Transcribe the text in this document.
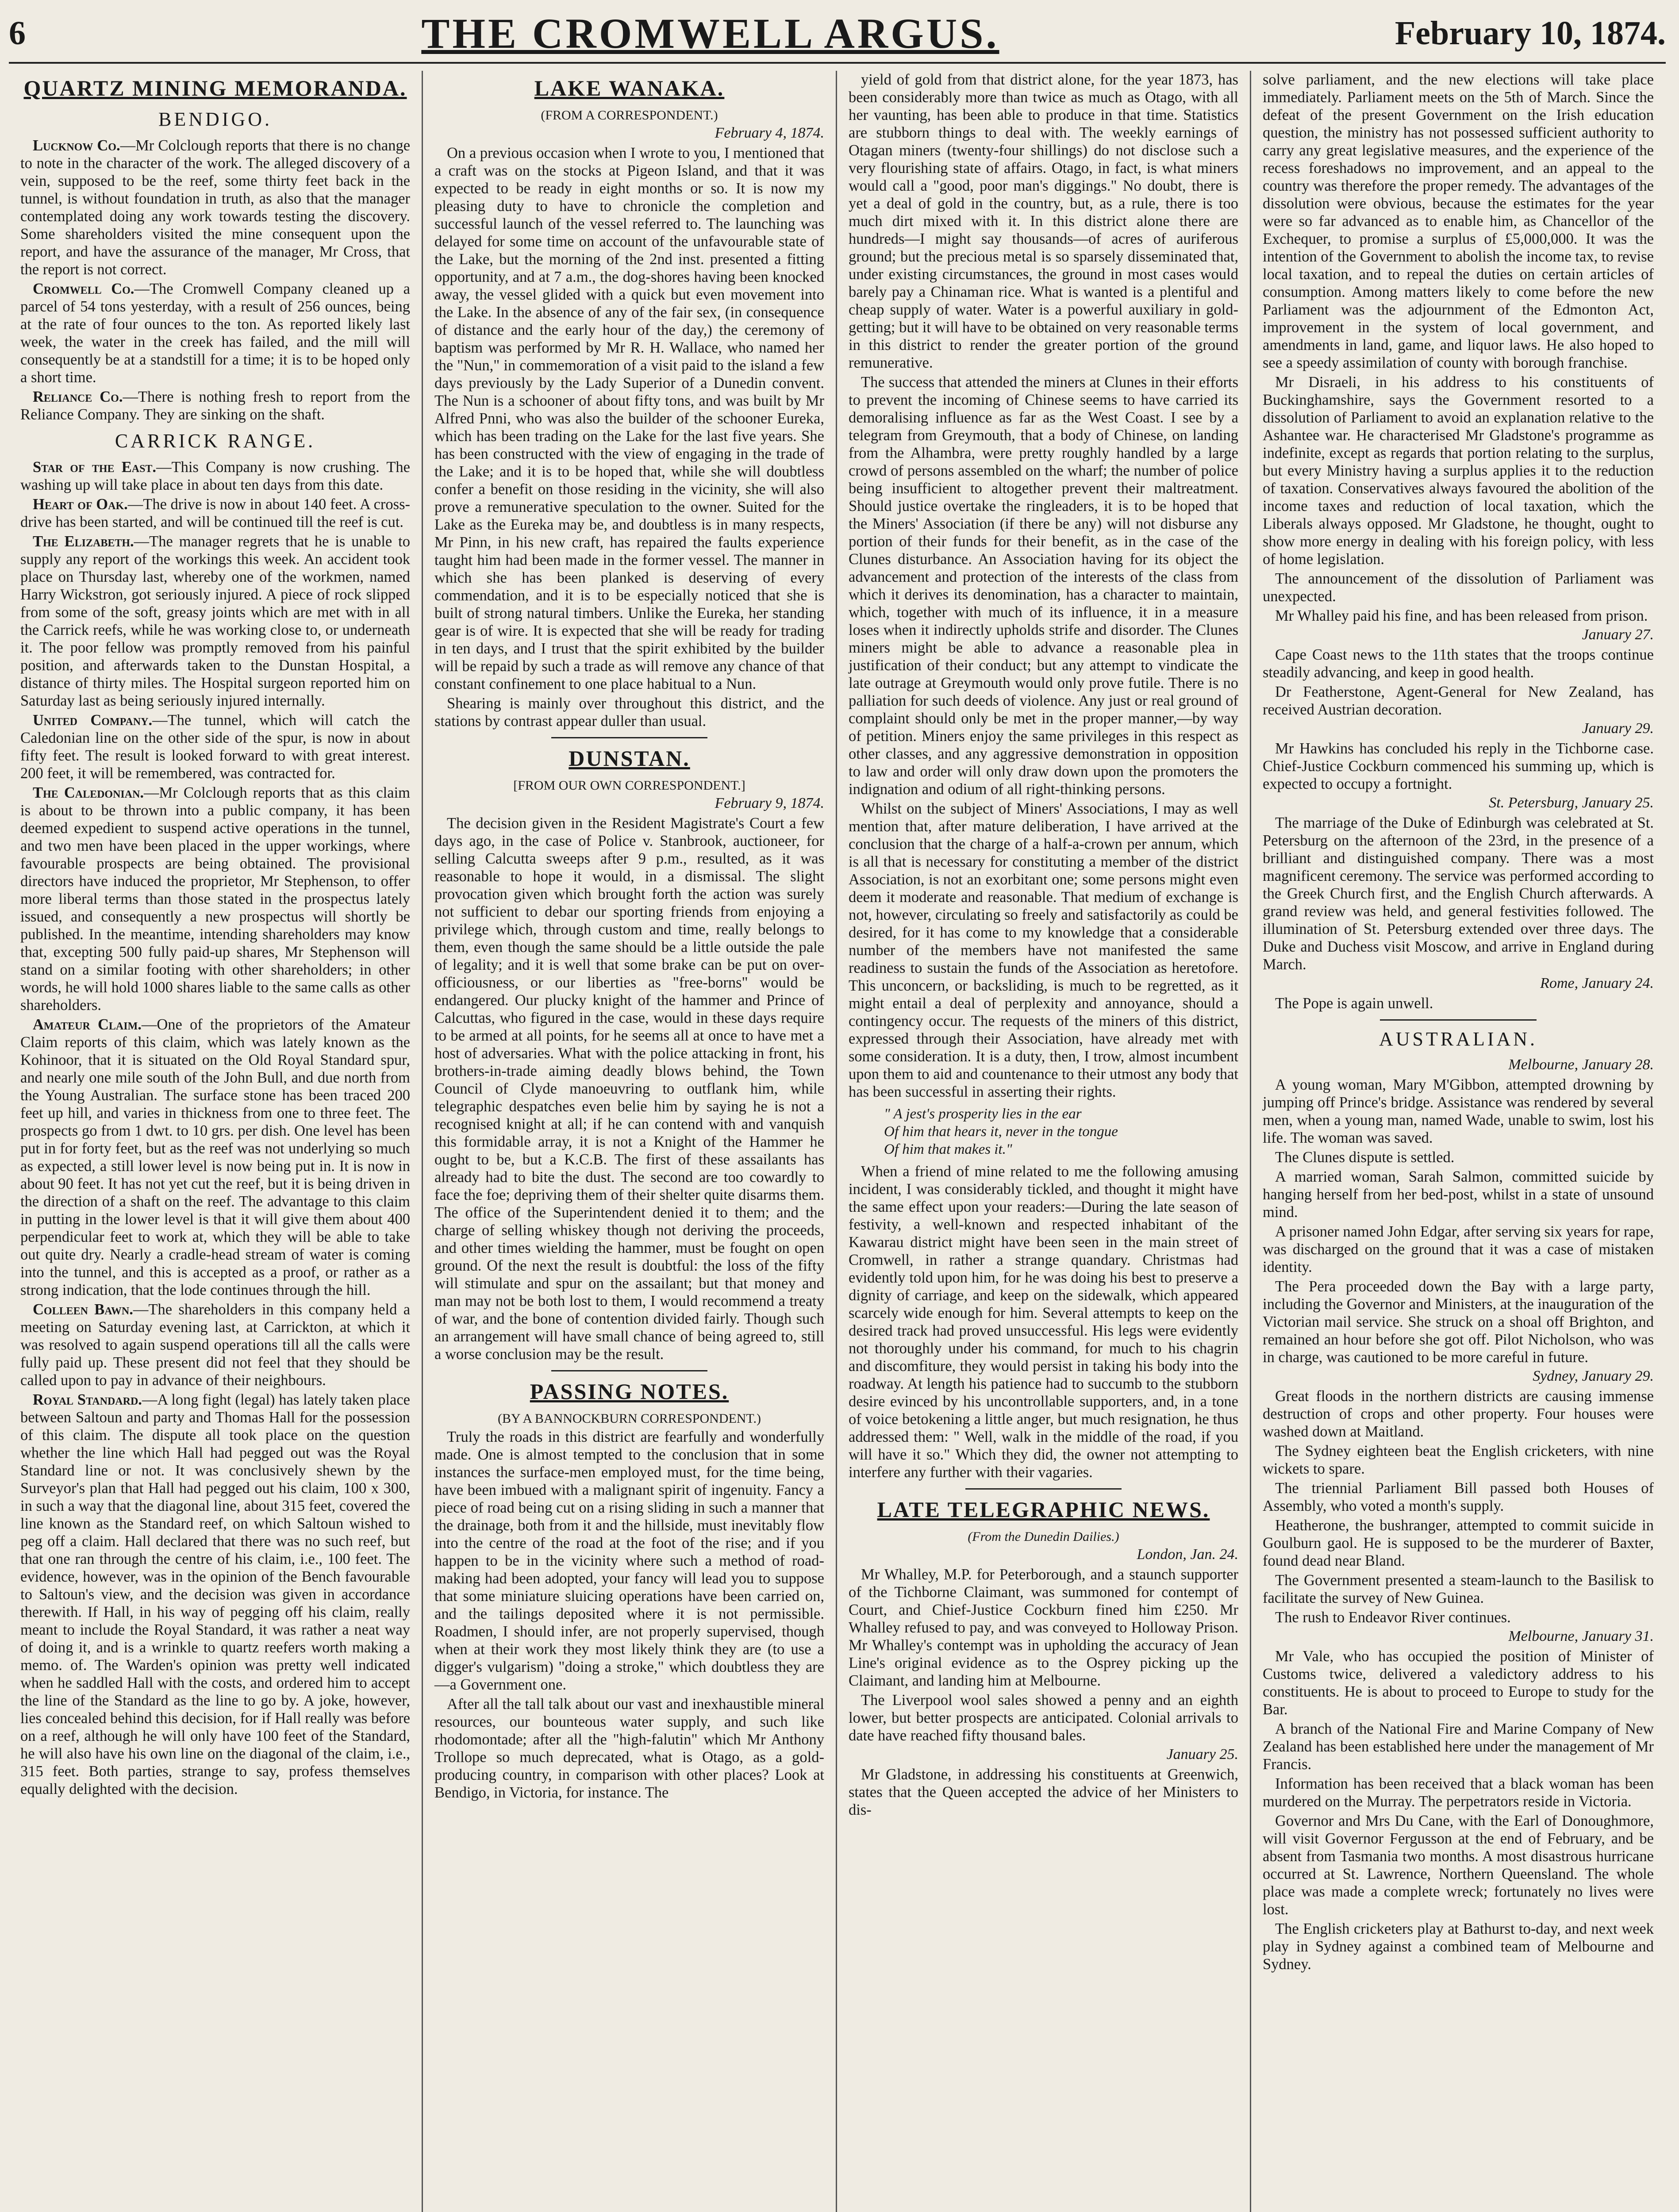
6	THE CROMWELL ARGUS.	February 10, 1874.
QUARTZ MINING MEMORANDA.
BENDIGO.

Lucknow Co.—Mr Colclough reports that there is no change to note in the character of the work. The alleged discovery of a vein, supposed to be the reef, some thirty feet back in the tunnel, is without foundation in truth, as also that the manager contemplated doing any work towards testing the discovery. Some shareholders visited the mine consequent upon the report, and have the assurance of the manager, Mr Cross, that the report is not correct.

Cromwell Co.—The Cromwell Company cleaned up a parcel of 54 tons yesterday, with a result of 256 ounces, being at the rate of four ounces to the ton. As reported likely last week, the water in the creek has failed, and the mill will consequently be at a standstill for a time; it is to be hoped only a short time.

Reliance Co.—There is nothing fresh to report from the Reliance Company. They are sinking on the shaft.

CARRICK RANGE.

Star of the East.—This Company is now crushing. The washing up will take place in about ten days from this date.

Heart of Oak.—The drive is now in about 140 feet. A cross-drive has been started, and will be continued till the reef is cut.

The Elizabeth.—The manager regrets that he is unable to supply any report of the workings this week. An accident took place on Thursday last, whereby one of the workmen, named Harry Wickstron, got seriously injured. A piece of rock slipped from some of the soft, greasy joints which are met with in all the Carrick reefs, while he was working close to, or underneath it. The poor fellow was promptly removed from his painful position, and afterwards taken to the Dunstan Hospital, a distance of thirty miles. The Hospital surgeon reported him on Saturday last as being seriously injured internally.

United Company.—The tunnel, which will catch the Caledonian line on the other side of the spur, is now in about fifty feet. The result is looked forward to with great interest. 200 feet, it will be remembered, was contracted for.

The Caledonian.—Mr Colclough reports that as this claim is about to be thrown into a public company, it has been deemed expedient to suspend active operations in the tunnel, and two men have been placed in the upper workings, where favourable prospects are being obtained. The provisional directors have induced the proprietor, Mr Stephenson, to offer more liberal terms than those stated in the prospectus lately issued, and consequently a new prospectus will shortly be published. In the meantime, intending shareholders may know that, excepting 500 fully paid-up shares, Mr Stephenson will stand on a similar footing with other shareholders; in other words, he will hold 1000 shares liable to the same calls as other shareholders.

Amateur Claim.—One of the proprietors of the Amateur Claim reports of this claim, which was lately known as the Kohinoor, that it is situated on the Old Royal Standard spur, and nearly one mile south of the John Bull, and due north from the Young Australian. The surface stone has been traced 200 feet up hill, and varies in thickness from one to three feet. The prospects go from 1 dwt. to 10 grs. per dish. One level has been put in for forty feet, but as the reef was not underlying so much as expected, a still lower level is now being put in. It is now in about 90 feet. It has not yet cut the reef, but it is being driven in the direction of a shaft on the reef. The advantage to this claim in putting in the lower level is that it will give them about 400 perpendicular feet to work at, which they will be able to take out quite dry. Nearly a cradle-head stream of water is coming into the tunnel, and this is accepted as a proof, or rather as a strong indication, that the lode continues through the hill.

Colleen Bawn.—The shareholders in this company held a meeting on Saturday evening last, at Carrickton, at which it was resolved to again suspend operations till all the calls were fully paid up. These present did not feel that they should be called upon to pay in advance of their neighbours.

Royal Standard.—A long fight (legal) has lately taken place between Saltoun and party and Thomas Hall for the possession of this claim. The dispute all took place on the question whether the line which Hall had pegged out was the Royal Standard line or not. It was conclusively shewn by the Surveyor's plan that Hall had pegged out his claim, 100 x 300, in such a way that the diagonal line, about 315 feet, covered the line known as the Standard reef, on which Saltoun wished to peg off a claim. Hall declared that there was no such reef, but that one ran through the centre of his claim, i.e., 100 feet. The evidence, however, was in the opinion of the Bench favourable to Saltoun's view, and the decision was given in accordance therewith. If Hall, in his way of pegging off his claim, really meant to include the Royal Standard, it was rather a neat way of doing it, and is a wrinkle to quartz reefers worth making a memo. of. The Warden's opinion was pretty well indicated when he saddled Hall with the costs, and ordered him to accept the line of the Standard as the line to go by. A joke, however, lies concealed behind this decision, for if Hall really was before on a reef, although he will only have 100 feet of the Standard, he will also have his own line on the diagonal of the claim, i.e., 315 feet. Both parties, strange to say, profess themselves equally delighted with the decision.

LAKE WANAKA.
(FROM A CORRESPONDENT.)
February 4, 1874.

On a previous occasion when I wrote to you, I mentioned that a craft was on the stocks at Pigeon Island, and that it was expected to be ready in eight months or so. It is now my pleasing duty to have to chronicle the completion and successful launch of the vessel referred to. The launching was delayed for some time on account of the unfavourable state of the Lake, but the morning of the 2nd inst. presented a fitting opportunity, and at 7 a.m., the dog-shores having been knocked away, the vessel glided with a quick but even movement into the Lake. In the absence of any of the fair sex, (in consequence of distance and the early hour of the day,) the ceremony of baptism was performed by Mr R. H. Wallace, who named her the "Nun," in commemoration of a visit paid to the island a few days previously by the Lady Superior of a Dunedin convent. The Nun is a schooner of about fifty tons, and was built by Mr Alfred Pnni, who was also the builder of the schooner Eureka, which has been trading on the Lake for the last five years. She has been constructed with the view of engaging in the trade of the Lake; and it is to be hoped that, while she will doubtless confer a benefit on those residing in the vicinity, she will also prove a remunerative speculation to the owner. Suited for the Lake as the Eureka may be, and doubtless is in many respects, Mr Pinn, in his new craft, has repaired the faults experience taught him had been made in the former vessel. The manner in which she has been planked is deserving of every commendation, and it is to be especially noticed that she is built of strong natural timbers. Unlike the Eureka, her standing gear is of wire. It is expected that she will be ready for trading in ten days, and I trust that the spirit exhibited by the builder will be repaid by such a trade as will remove any chance of that constant confinement to one place habitual to a Nun.

Shearing is mainly over throughout this district, and the stations by contrast appear duller than usual.

DUNSTAN.
[FROM OUR OWN CORRESPONDENT.]
February 9, 1874.

The decision given in the Resident Magistrate's Court a few days ago, in the case of Police v. Stanbrook, auctioneer, for selling Calcutta sweeps after 9 p.m., resulted, as it was reasonable to hope it would, in a dismissal. The slight provocation given which brought forth the action was surely not sufficient to debar our sporting friends from enjoying a privilege which, through custom and time, really belongs to them, even though the same should be a little outside the pale of legality; and it is well that some brake can be put on over-officiousness, or our liberties as "free-borns" would be endangered. Our plucky knight of the hammer and Prince of Calcuttas, who figured in the case, would in these days require to be armed at all points, for he seems all at once to have met a host of adversaries. What with the police attacking in front, his brothers-in-trade aiming deadly blows behind, the Town Council of Clyde manoeuvring to outflank him, while telegraphic despatches even belie him by saying he is not a recognised knight at all; if he can contend with and vanquish this formidable array, it is not a Knight of the Hammer he ought to be, but a K.C.B. The first of these assailants has already had to bite the dust. The second are too cowardly to face the foe; depriving them of their shelter quite disarms them. The office of the Superintendent denied it to them; and the charge of selling whiskey though not deriving the proceeds, and other times wielding the hammer, must be fought on open ground. Of the next the result is doubtful: the loss of the fifty will stimulate and spur on the assailant; but that money and man may not be both lost to them, I would recommend a treaty of war, and the bone of contention divided fairly. Though such an arrangement will have small chance of being agreed to, still a worse conclusion may be the result.

PASSING NOTES.
(BY A BANNOCKBURN CORRESPONDENT.)

Truly the roads in this district are fearfully and wonderfully made. One is almost tempted to the conclusion that in some instances the surface-men employed must, for the time being, have been imbued with a malignant spirit of ingenuity. Fancy a piece of road being cut on a rising sliding in such a manner that the drainage, both from it and the hillside, must inevitably flow into the centre of the road at the foot of the rise; and if you happen to be in the vicinity where such a method of road-making had been adopted, your fancy will lead you to suppose that some miniature sluicing operations have been carried on, and the tailings deposited where it is not permissible. Roadmen, I should infer, are not properly supervised, though when at their work they most likely think they are (to use a digger's vulgarism) "doing a stroke," which doubtless they are—a Government one.

After all the tall talk about our vast and inexhaustible mineral resources, our bounteous water supply, and such like rhodomontade; after all the "high-falutin" which Mr Anthony Trollope so much deprecated, what is Otago, as a gold-producing country, in comparison with other places? Look at Bendigo, in Victoria, for instance. The

yield of gold from that district alone, for the year 1873, has been considerably more than twice as much as Otago, with all her vaunting, has been able to produce in that time. Statistics are stubborn things to deal with. The weekly earnings of Otagan miners (twenty-four shillings) do not disclose such a very flourishing state of affairs. Otago, in fact, is what miners would call a "good, poor man's diggings." No doubt, there is yet a deal of gold in the country, but, as a rule, there is too much dirt mixed with it. In this district alone there are hundreds—I might say thousands—of acres of auriferous ground; but the precious metal is so sparsely disseminated that, under existing circumstances, the ground in most cases would barely pay a Chinaman rice. What is wanted is a plentiful and cheap supply of water. Water is a powerful auxiliary in gold-getting; but it will have to be obtained on very reasonable terms in this district to render the greater portion of the ground remunerative.

The success that attended the miners at Clunes in their efforts to prevent the incoming of Chinese seems to have carried its demoralising influence as far as the West Coast. I see by a telegram from Greymouth, that a body of Chinese, on landing from the Alhambra, were pretty roughly handled by a large crowd of persons assembled on the wharf; the number of police being insufficient to altogether prevent their maltreatment. Should justice overtake the ringleaders, it is to be hoped that the Miners' Association (if there be any) will not disburse any portion of their funds for their benefit, as in the case of the Clunes disturbance. An Association having for its object the advancement and protection of the interests of the class from which it derives its denomination, has a character to maintain, which, together with much of its influence, it in a measure loses when it indirectly upholds strife and disorder. The Clunes miners might be able to advance a reasonable plea in justification of their conduct; but any attempt to vindicate the late outrage at Greymouth would only prove futile. There is no palliation for such deeds of violence. Any just or real ground of complaint should only be met in the proper manner,—by way of petition. Miners enjoy the same privileges in this respect as other classes, and any aggressive demonstration in opposition to law and order will only draw down upon the promoters the indignation and odium of all right-thinking persons.

Whilst on the subject of Miners' Associations, I may as well mention that, after mature deliberation, I have arrived at the conclusion that the charge of a half-a-crown per annum, which is all that is necessary for constituting a member of the district Association, is not an exorbitant one; some persons might even deem it moderate and reasonable. That medium of exchange is not, however, circulating so freely and satisfactorily as could be desired, for it has come to my knowledge that a considerable number of the members have not manifested the same readiness to sustain the funds of the Association as heretofore. This unconcern, or backsliding, is much to be regretted, as it might entail a deal of perplexity and annoyance, should a contingency occur. The requests of the miners of this district, expressed through their Association, have already met with some consideration. It is a duty, then, I trow, almost incumbent upon them to aid and countenance to their utmost any body that has been successful in asserting their rights.

" A jest's prosperity lies in the ear
Of him that hears it, never in the tongue
Of him that makes it."

When a friend of mine related to me the following amusing incident, I was considerably tickled, and thought it might have the same effect upon your readers:—During the late season of festivity, a well-known and respected inhabitant of the Kawarau district might have been seen in the main street of Cromwell, in rather a strange quandary. Christmas had evidently told upon him, for he was doing his best to preserve a dignity of carriage, and keep on the sidewalk, which appeared scarcely wide enough for him. Several attempts to keep on the desired track had proved unsuccessful. His legs were evidently not thoroughly under his command, for much to his chagrin and discomfiture, they would persist in taking his body into the roadway. At length his patience had to succumb to the stubborn desire evinced by his uncontrollable supporters, and, in a tone of voice betokening a little anger, but much resignation, he thus addressed them: " Well, walk in the middle of the road, if you will have it so." Which they did, the owner not attempting to interfere any further with their vagaries.

LATE TELEGRAPHIC NEWS.
(From the Dunedin Dailies.)
London, Jan. 24.

Mr Whalley, M.P. for Peterborough, and a staunch supporter of the Tichborne Claimant, was summoned for contempt of Court, and Chief-Justice Cockburn fined him £250. Mr Whalley refused to pay, and was conveyed to Holloway Prison. Mr Whalley's contempt was in upholding the accuracy of Jean Line's original evidence as to the Osprey picking up the Claimant, and landing him at Melbourne.

The Liverpool wool sales showed a penny and an eighth lower, but better prospects are anticipated. Colonial arrivals to date have reached fifty thousand bales.

January 25.

Mr Gladstone, in addressing his constituents at Greenwich, states that the Queen accepted the advice of her Ministers to dis-

solve parliament, and the new elections will take place immediately. Parliament meets on the 5th of March. Since the defeat of the present Government on the Irish education question, the ministry has not possessed sufficient authority to carry any great legislative measures, and the experience of the recess foreshadows no improvement, and an appeal to the country was therefore the proper remedy. The advantages of the dissolution were obvious, because the estimates for the year were so far advanced as to enable him, as Chancellor of the Exchequer, to promise a surplus of £5,000,000. It was the intention of the Government to abolish the income tax, to revise local taxation, and to repeal the duties on certain articles of consumption. Among matters likely to come before the new Parliament was the adjournment of the Edmonton Act, improvement in the system of local government, and amendments in land, game, and liquor laws. He also hoped to see a speedy assimilation of county with borough franchise.

Mr Disraeli, in his address to his constituents of Buckinghamshire, says the Government resorted to a dissolution of Parliament to avoid an explanation relative to the Ashantee war. He characterised Mr Gladstone's programme as indefinite, except as regards that portion relating to the surplus, but every Ministry having a surplus applies it to the reduction of taxation. Conservatives always favoured the abolition of the income taxes and reduction of local taxation, which the Liberals always opposed. Mr Gladstone, he thought, ought to show more energy in dealing with his foreign policy, with less of home legislation.

The announcement of the dissolution of Parliament was unexpected.

Mr Whalley paid his fine, and has been released from prison.

January 27.

Cape Coast news to the 11th states that the troops continue steadily advancing, and keep in good health.

Dr Featherstone, Agent-General for New Zealand, has received Austrian decoration.

January 29.

Mr Hawkins has concluded his reply in the Tichborne case. Chief-Justice Cockburn commenced his summing up, which is expected to occupy a fortnight.

St. Petersburg, January 25.

The marriage of the Duke of Edinburgh was celebrated at St. Petersburg on the afternoon of the 23rd, in the presence of a brilliant and distinguished company. There was a most magnificent ceremony. The service was performed according to the Greek Church first, and the English Church afterwards. A grand review was held, and general festivities followed. The illumination of St. Petersburg extended over three days. The Duke and Duchess visit Moscow, and arrive in England during March.

Rome, January 24.

The Pope is again unwell.

AUSTRALIAN.
Melbourne, January 28.

A young woman, Mary M'Gibbon, attempted drowning by jumping off Prince's bridge. Assistance was rendered by several men, when a young man, named Wade, unable to swim, lost his life. The woman was saved.

The Clunes dispute is settled.

A married woman, Sarah Salmon, committed suicide by hanging herself from her bed-post, whilst in a state of unsound mind.

A prisoner named John Edgar, after serving six years for rape, was discharged on the ground that it was a case of mistaken identity.

The Pera proceeded down the Bay with a large party, including the Governor and Ministers, at the inauguration of the Victorian mail service. She struck on a shoal off Brighton, and remained an hour before she got off. Pilot Nicholson, who was in charge, was cautioned to be more careful in future.

Sydney, January 29.

Great floods in the northern districts are causing immense destruction of crops and other property. Four houses were washed down at Maitland.

The Sydney eighteen beat the English cricketers, with nine wickets to spare.

The triennial Parliament Bill passed both Houses of Assembly, who voted a month's supply.

Heatherone, the bushranger, attempted to commit suicide in Goulburn gaol. He is supposed to be the murderer of Baxter, found dead near Bland.

The Government presented a steam-launch to the Basilisk to facilitate the survey of New Guinea.

The rush to Endeavor River continues.

Melbourne, January 31.

Mr Vale, who has occupied the position of Minister of Customs twice, delivered a valedictory address to his constituents. He is about to proceed to Europe to study for the Bar.

A branch of the National Fire and Marine Company of New Zealand has been established here under the management of Mr Francis.

Information has been received that a black woman has been murdered on the Murray. The perpetrators reside in Victoria.

Governor and Mrs Du Cane, with the Earl of Donoughmore, will visit Governor Fergusson at the end of February, and be absent from Tasmania two months. A most disastrous hurricane occurred at St. Lawrence, Northern Queensland. The whole place was made a complete wreck; fortunately no lives were lost.

The English cricketers play at Bathurst to-day, and next week play in Sydney against a combined team of Melbourne and Sydney.
